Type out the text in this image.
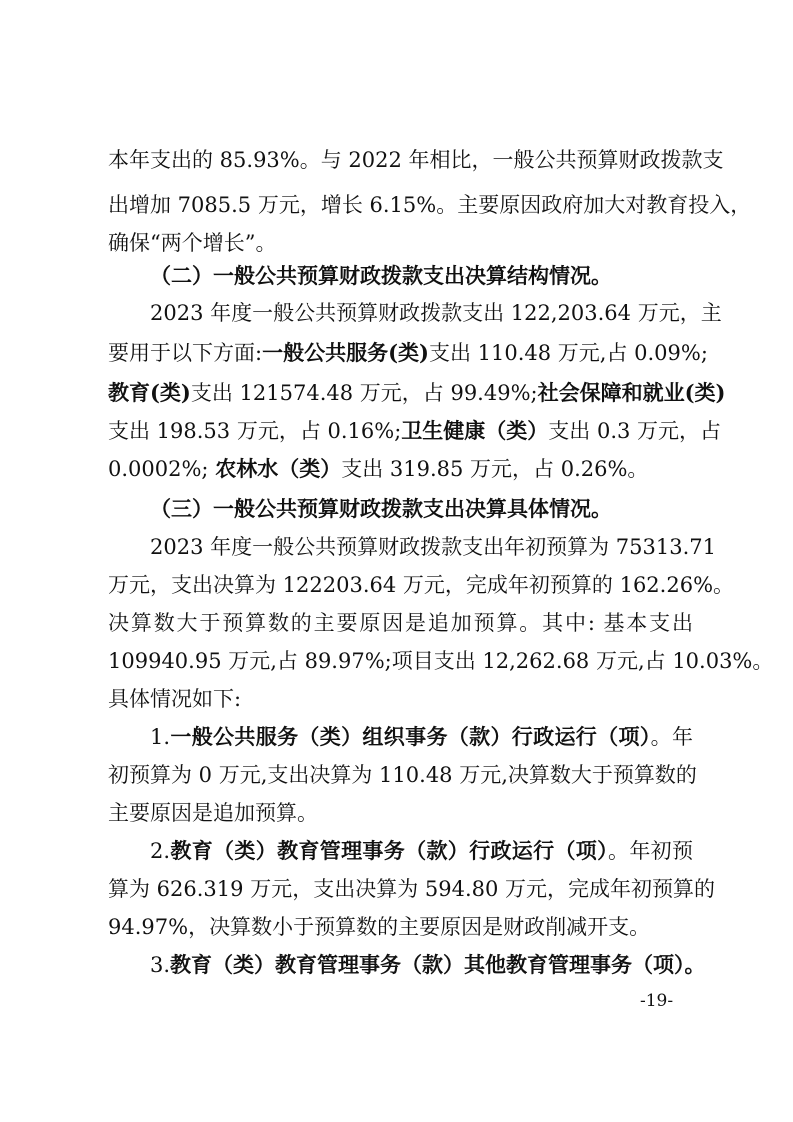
本年支出的 85.93%。与 2022 年相比，一般公共预算财政拨款支
出增加 7085.5 万元，增长 6.15%。主要原因政府加大对教育投入，
确保“两个增长”。
（二）一般公共预算财政拨款支出决算结构情况。
2023 年度一般公共预算财政拨款支出 122,203.64 万元，主
要用于以下方面:一般公共服务(类)支出 110.48 万元,占 0.09%;
教育(类)支出 121574.48 万元，占 99.49%;社会保障和就业(类)
支出 198.53 万元，占 0.16%;卫生健康（类）支出 0.3 万元，占
0.0002%; 农林水（类）支出 319.85 万元，占 0.26%。
（三）一般公共预算财政拨款支出决算具体情况。
2023 年度一般公共预算财政拨款支出年初预算为 75313.71
万元，支出决算为 122203.64 万元，完成年初预算的 162.26%。
决算数大于预算数的主要原因是追加预算。其中: 基本支出
109940.95 万元,占 89.97%;项目支出 12,262.68 万元,占 10.03%。
具体情况如下:
1.一般公共服务（类）组织事务（款）行政运行（项）。年
初预算为 0 万元,支出决算为 110.48 万元,决算数大于预算数的
主要原因是追加预算。
2.教育（类）教育管理事务（款）行政运行（项）。年初预
算为 626.319 万元，支出决算为 594.80 万元，完成年初预算的
94.97%，决算数小于预算数的主要原因是财政削减开支。
3.教育（类）教育管理事务（款）其他教育管理事务（项）。
-19-
